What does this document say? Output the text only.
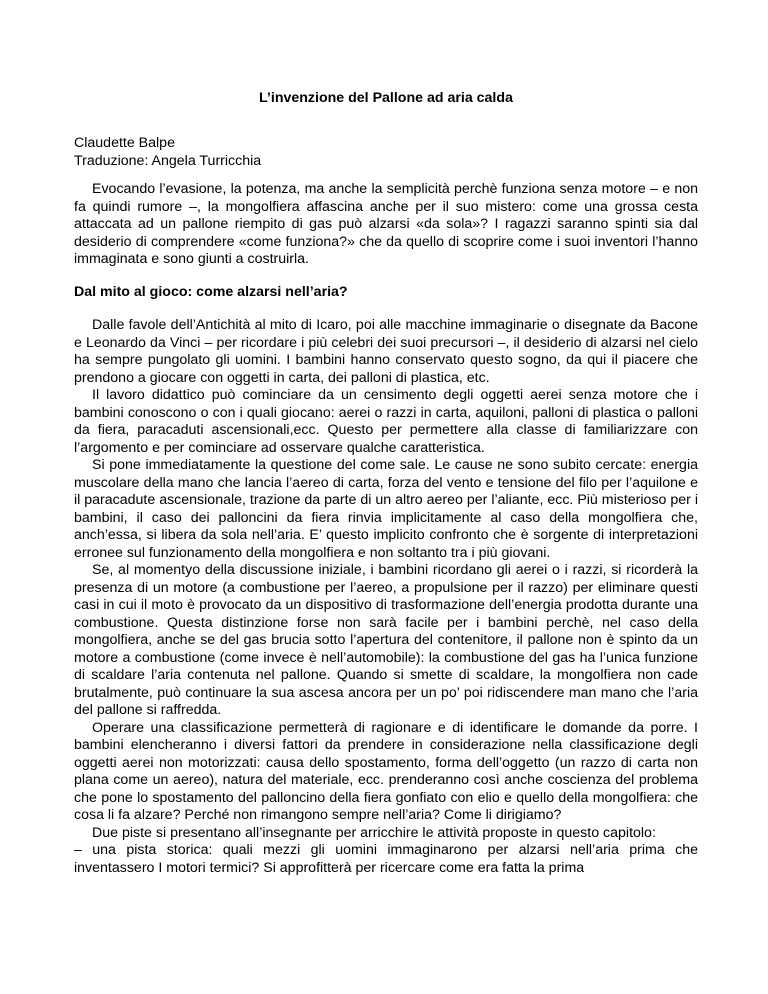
L’invenzione del Pallone ad aria calda
Claudette Balpe
Traduzione: Angela Turricchia

Evocando l’evasione, la potenza, ma anche la semplicità perchè funziona senza motore – e non fa quindi rumore –, la mongolfiera affascina anche per il suo mistero: come una grossa cesta attaccata ad un pallone riempito di gas può alzarsi «da sola»? I ragazzi saranno spinti sia dal desiderio di comprendere «come funziona?» che da quello di scoprire come i suoi inventori l’hanno immaginata e sono giunti a costruirla.

Dal mito al gioco: come alzarsi nell’aria?

Dalle favole dell’Antichità al mito di Icaro, poi alle macchine immaginarie o disegnate da Bacone e Leonardo da Vinci – per ricordare i più celebri dei suoi precursori –, il desiderio di alzarsi nel cielo ha sempre pungolato gli uomini. I bambini hanno conservato questo sogno, da qui il piacere che prendono a giocare con oggetti in carta, dei palloni di plastica, etc.

Il lavoro didattico può cominciare da un censimento degli oggetti aerei senza motore che i bambini conoscono o con i quali giocano: aerei o razzi in carta, aquiloni, palloni di plastica o palloni da fiera, paracaduti ascensionali,ecc. Questo per permettere alla classe di familiarizzare con l’argomento e per cominciare ad osservare qualche caratteristica.

Si pone immediatamente la questione del come sale. Le cause ne sono subito cercate: energia muscolare della mano che lancia l’aereo di carta, forza del vento e tensione del filo per l’aquilone e il paracadute ascensionale, trazione da parte di un altro aereo per l’aliante, ecc. Più misterioso per i bambini, il caso dei palloncini da fiera rinvia implicitamente al caso della mongolfiera che, anch’essa, si libera da sola nell’aria. E’ questo implicito confronto che è sorgente di interpretazioni erronee sul funzionamento della mongolfiera e non soltanto tra i più giovani.

Se, al momentyo della discussione iniziale, i bambini ricordano gli aerei o i razzi, si ricorderà la presenza di un motore (a combustione per l’aereo, a propulsione per il razzo) per eliminare questi casi in cui il moto è provocato da un dispositivo di trasformazione dell’energia prodotta durante una combustione. Questa distinzione forse non sarà facile per i bambini perchè, nel caso della mongolfiera, anche se del gas brucia sotto l’apertura del contenitore, il pallone non è spinto da un motore a combustione (come invece è nell’automobile): la combustione del gas ha l’unica funzione di scaldare l’aria contenuta nel pallone. Quando si smette di scaldare, la mongolfiera non cade brutalmente, può continuare la sua ascesa ancora per un po’ poi ridiscendere man mano che l’aria del pallone si raffredda.

Operare una classificazione permetterà di ragionare e di identificare le domande da porre. I bambini elencheranno i diversi fattori da prendere in considerazione nella classificazione degli oggetti aerei non motorizzati: causa dello spostamento, forma dell’oggetto (un razzo di carta non plana come un aereo), natura del materiale, ecc. prenderanno così anche coscienza del problema che pone lo spostamento del palloncino della fiera gonfiato con elio e quello della mongolfiera: che cosa li fa alzare? Perché non rimangono sempre nell’aria? Come li dirigiamo?

Due piste si presentano all’insegnante per arricchire le attività proposte in questo capitolo:

– una pista storica: quali mezzi gli uomini immaginarono per alzarsi nell’aria prima che inventassero I motori termici? Si approfitterà per ricercare come era fatta la prima
